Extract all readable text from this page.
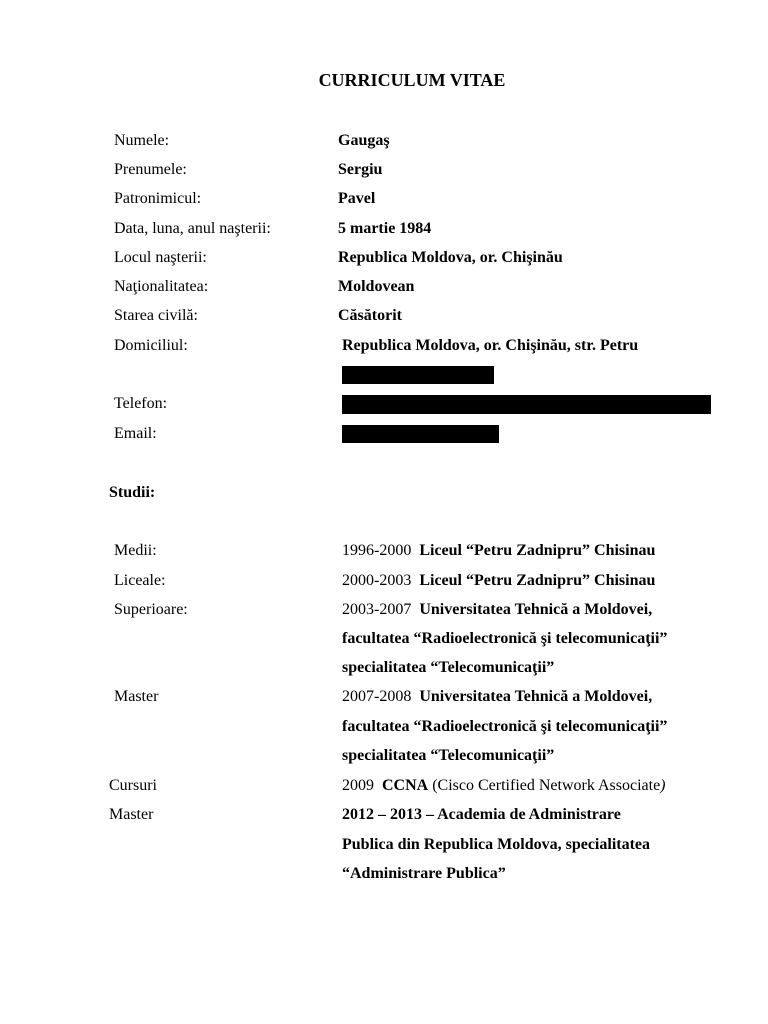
CURRICULUM VITAE
Numele:	Gaugaş
Prenumele:	Sergiu
Patronimicul:	Pavel
Data, luna, anul naşterii:	5 martie 1984
Locul naşterii:	Republica Moldova, or. Chişinău
Naţionalitatea:	Moldovean
Starea civilă:	Căsătorit
Domiciliul:	Republica Moldova, or. Chişinău, str. Petru
Telefon:
Email:
Studii:
Medii:	1996-2000 Liceul “Petru Zadnipru” Chisinau
Liceale:	2000-2003 Liceul “Petru Zadnipru” Chisinau
Superioare:	2003-2007 Universitatea Tehnică a Moldovei,
facultatea “Radioelectronică şi telecomunicaţii”
specialitatea “Telecomunicaţii”
Master	2007-2008 Universitatea Tehnică a Moldovei,
facultatea “Radioelectronică şi telecomunicaţii”
specialitatea “Telecomunicaţii”
Cursuri	2009 CCNA (Cisco Certified Network Associate)
Master	2012 – 2013 – Academia de Administrare
Publica din Republica Moldova, specialitatea
“Administrare Publica”
